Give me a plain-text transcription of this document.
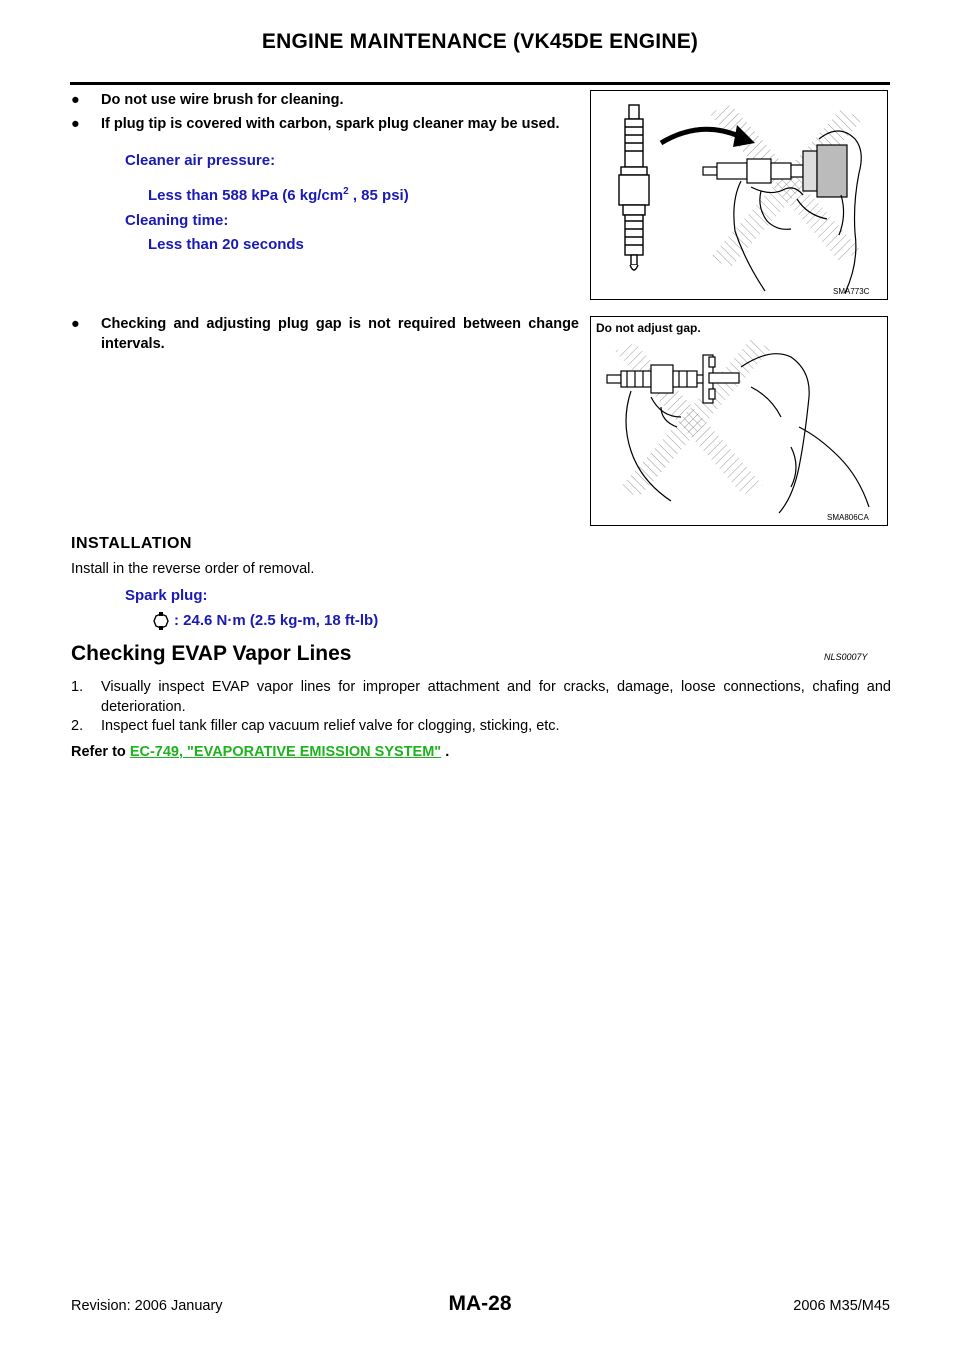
ENGINE MAINTENANCE (VK45DE ENGINE)
● Do not use wire brush for cleaning.
● If plug tip is covered with carbon, spark plug cleaner may be used.
Cleaner air pressure:
Less than 588 kPa (6 $kg/cm^2$ , 85 psi)
Cleaning time:
Less than 20 seconds
SMA773C
● Checking and adjusting plug gap is not required between change intervals.
Do not adjust gap.
SMA806CA
INSTALLATION
Install in the reverse order of removal.
Spark plug:
: 24.6 N·m (2.5 kg-m, 18 ft-lb)
Checking EVAP Vapor Lines	NLS0007Y
1. Visually inspect EVAP vapor lines for improper attachment and for cracks, damage, loose connections, chafing and deterioration.
2. Inspect fuel tank filler cap vacuum relief valve for clogging, sticking, etc.
Refer to EC-749, "EVAPORATIVE EMISSION SYSTEM" .
MA-28
Revision: 2006 January	2006 M35/M45
